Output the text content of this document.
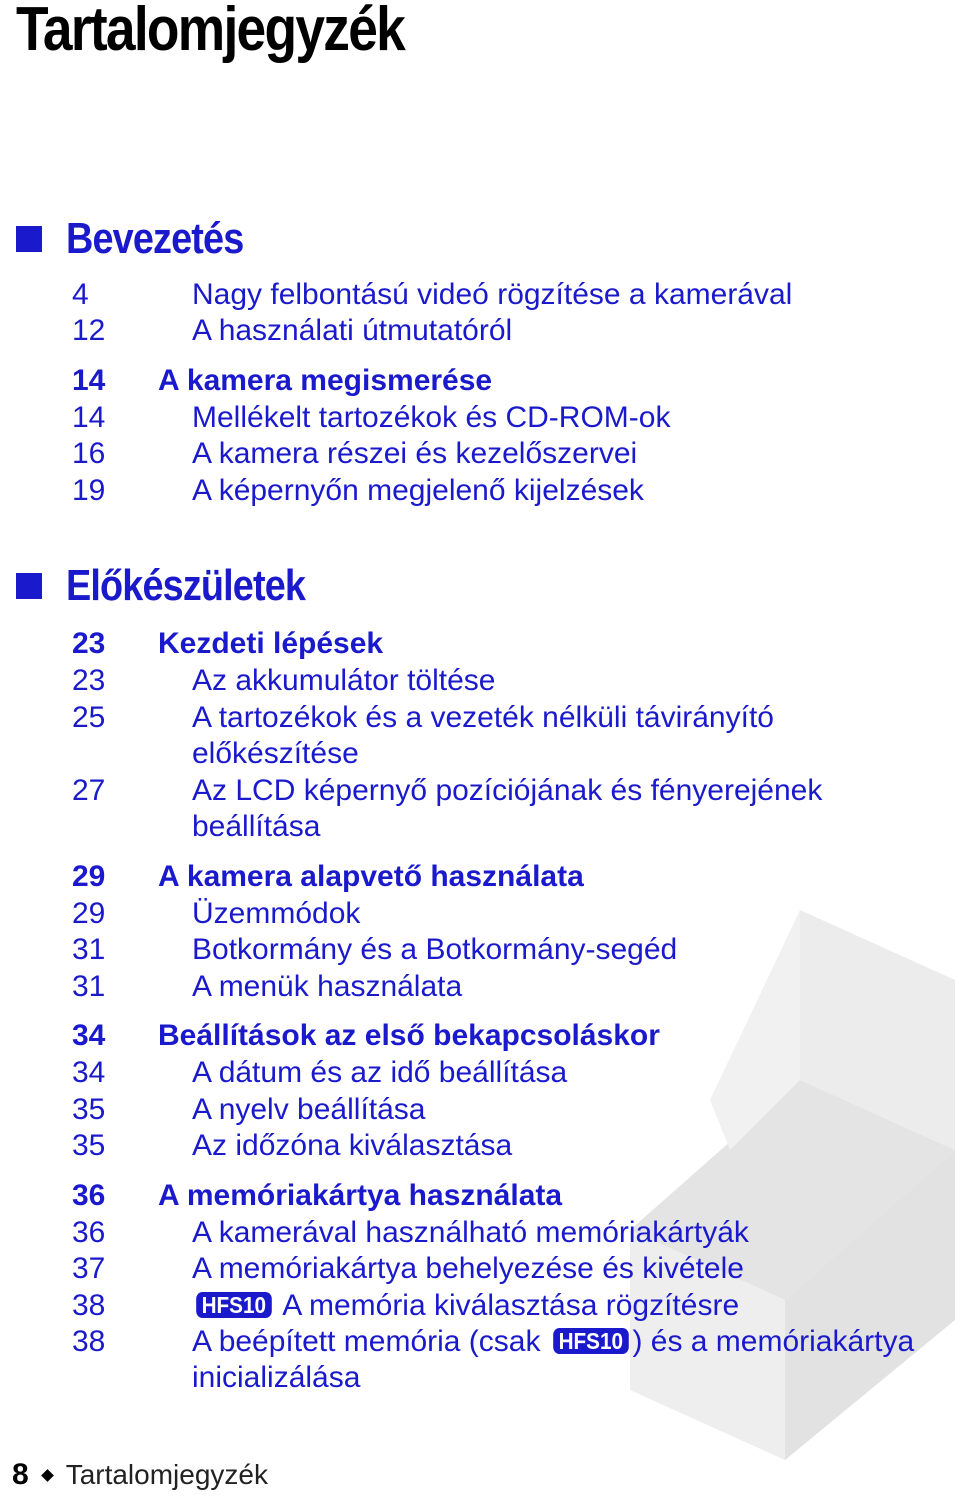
Tartalomjegyzék
Bevezetés
4	Nagy felbontású videó rögzítése a kamerával
12	A használati útmutatóról
14 A kamera megismerése
14	Mellékelt tartozékok és CD-ROM-ok
16	A kamera részei és kezelőszervei
19	A képernyőn megjelenő kijelzések
Előkészületek
23 Kezdeti lépések
23	Az akkumulátor töltése
25	A tartozékok és a vezeték nélküli távirányító előkészítése
27	Az LCD képernyő pozíciójának és fényerejének beállítása
29 A kamera alapvető használata
29	Üzemmódok
31	Botkormány és a Botkormány-segéd
31	A menük használata
34 Beállítások az első bekapcsoláskor
34	A dátum és az idő beállítása
35	A nyelv beállítása
35	Az időzóna kiválasztása
36 A memóriakártya használata
36	A kamerával használható memóriakártyák
37	A memóriakártya behelyezése és kivétele
38	HFS10 A memória kiválasztása rögzítésre
38	A beépített memória (csak HFS10 ) és a memóriakártya inicializálása
8 Tartalomjegyzék
